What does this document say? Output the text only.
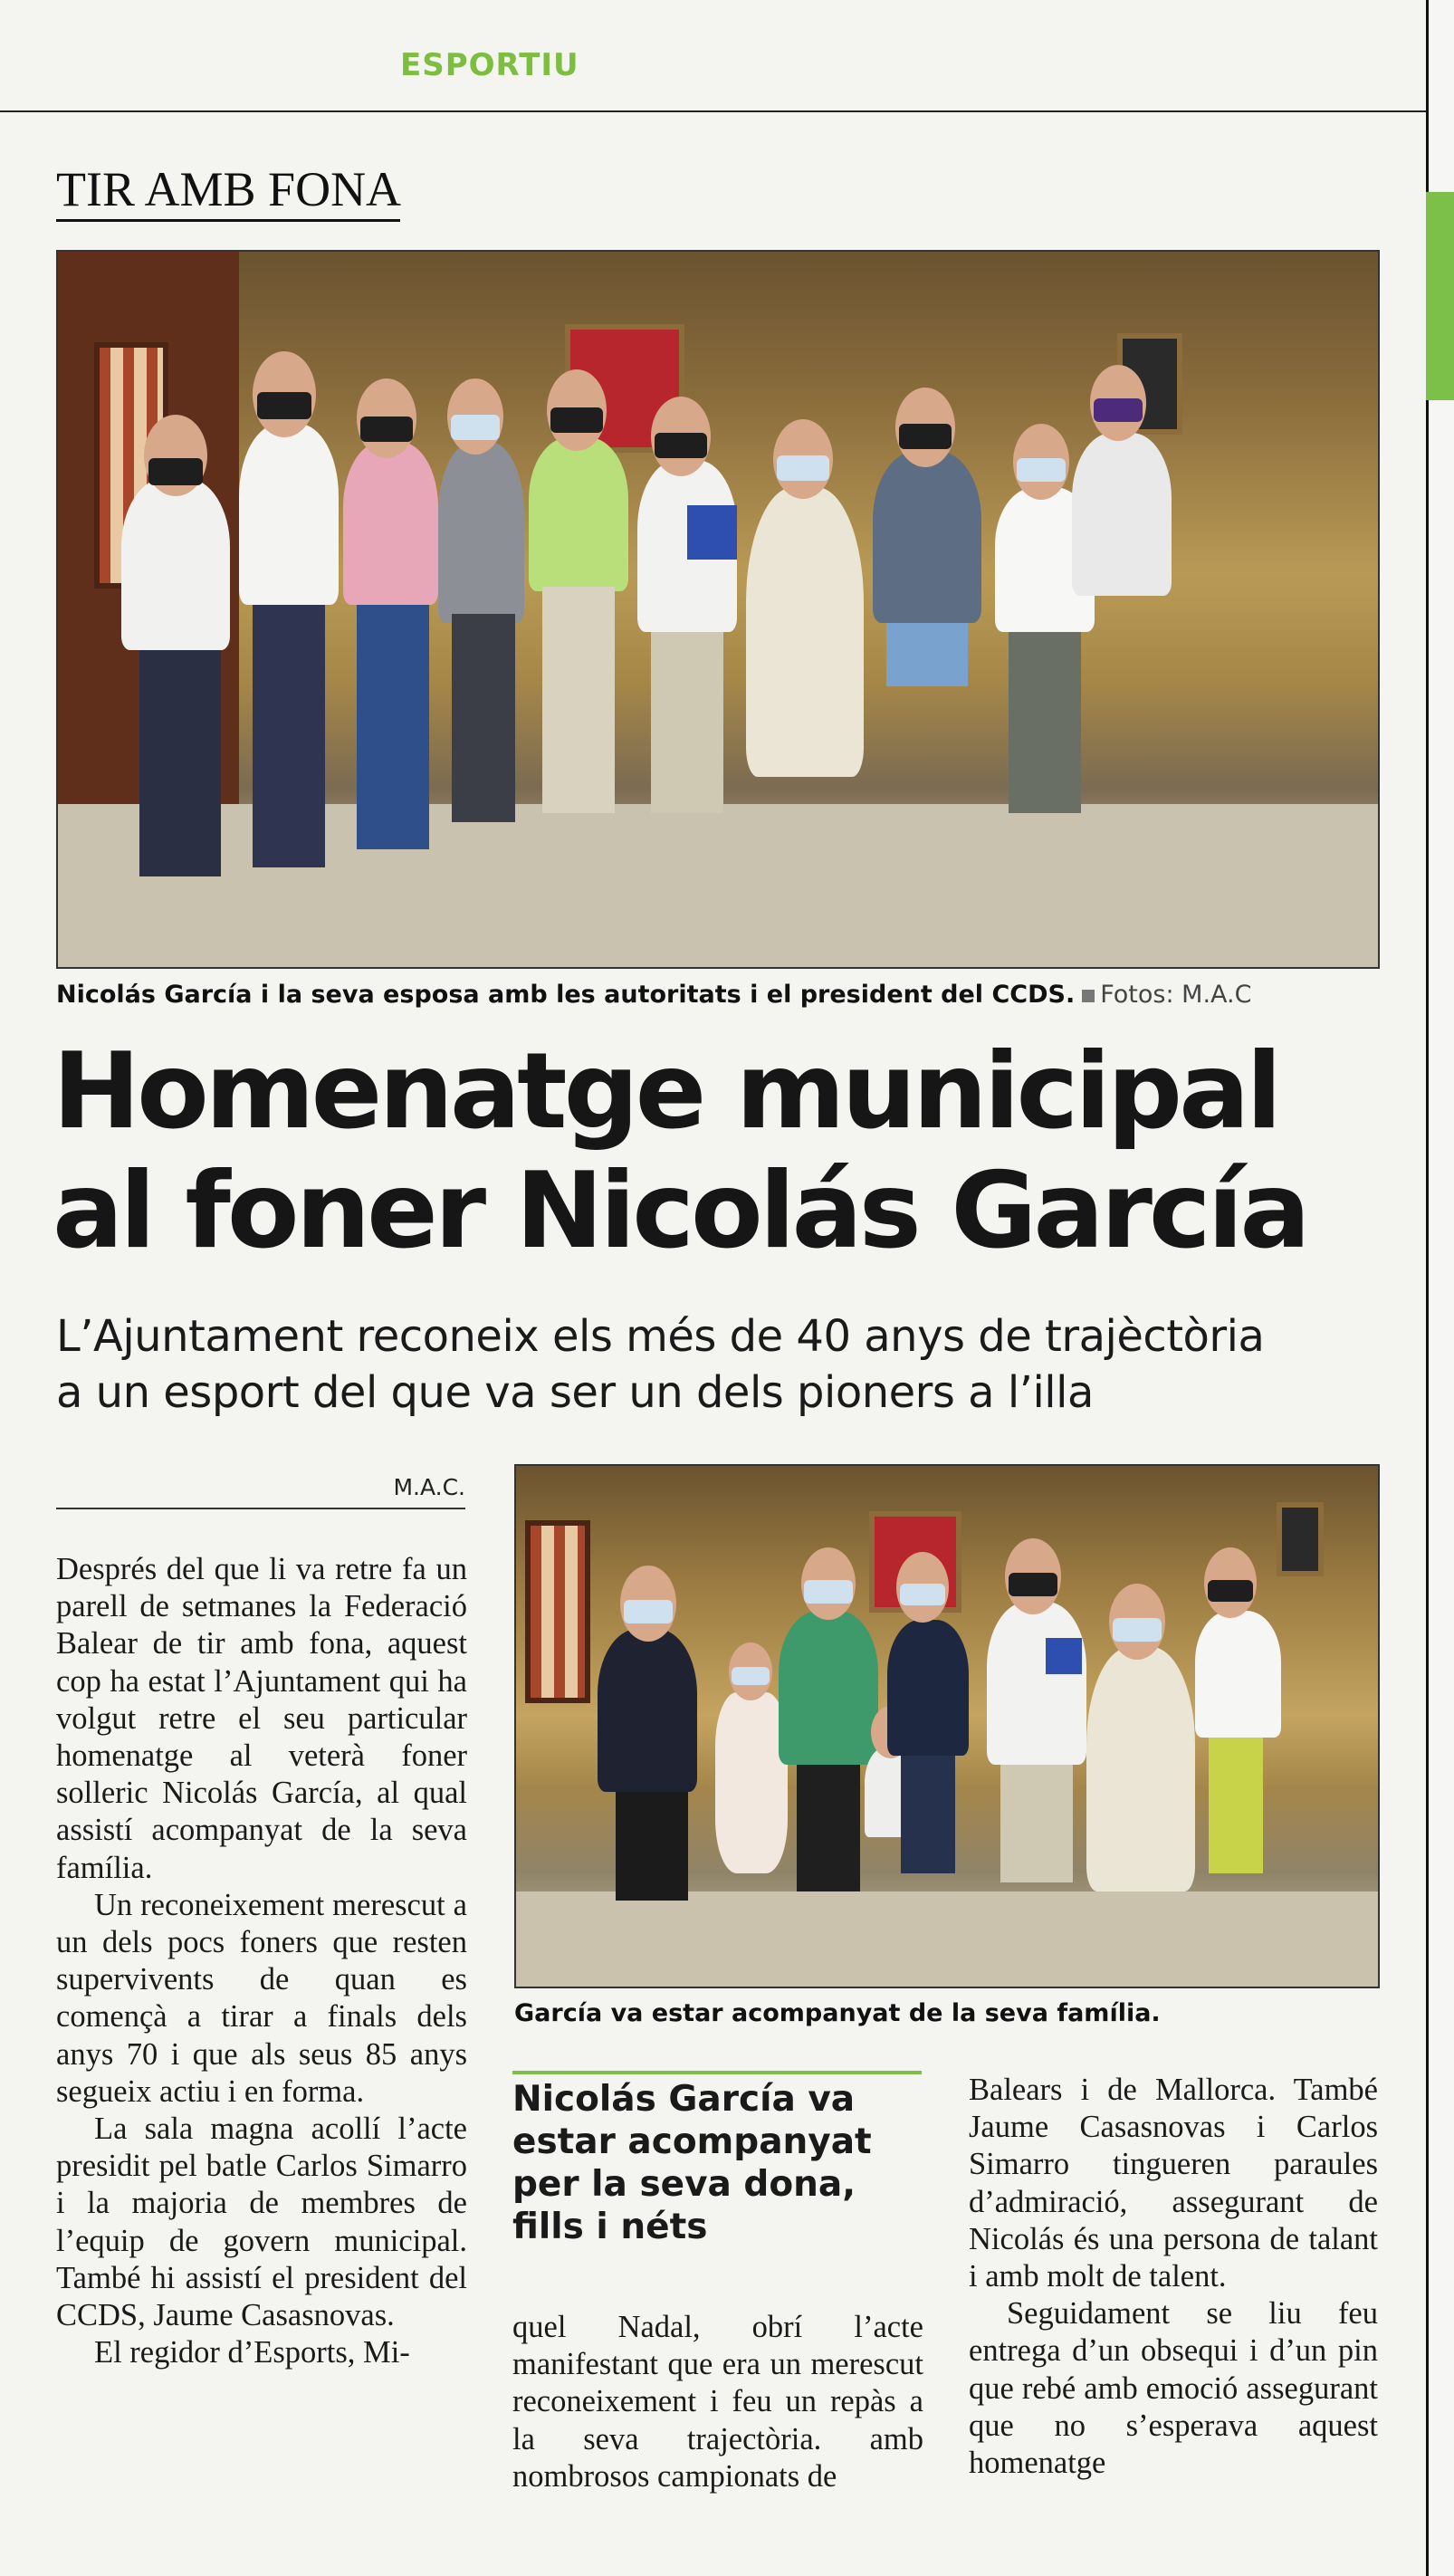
ESPORTIU
TIR AMB FONA
Nicolás García i la seva esposa amb les autoritats i el president del CCDS. Fotos: M.A.C
Homenatge municipal
al foner Nicolás García
L’Ajuntament reconeix els més de 40 anys de trajèctòria
a un esport del que va ser un dels pioners a l’illa
M.A.C.
García va estar acompanyat de la seva família.

Després del que li va retre fa un parell de setmanes la Federació Balear de tir amb fona, aquest cop ha estat l’Ajuntament qui ha volgut retre el seu particular homenatge al veterà foner solleric Nicolás García, al qual assistí acompanyat de la seva família.

Un reconeixement merescut a un dels pocs foners que resten supervivents de quan es començà a tirar a finals dels anys 70 i que als seus 85 anys segueix actiu i en forma.

La sala magna acollí l’acte presidit pel batle Carlos Simarro i la majoria de membres de l’equip de govern municipal. També hi assistí el president del CCDS, Jaume Casasnovas.

El regidor d’Esports, Mi-

Nicolás García va estar acompanyat per la seva dona, fills i néts

quel Nadal, obrí l’acte manifestant que era un merescut reconeixement i feu un repàs a la seva trajectòria. amb nombrosos campionats de

Balears i de Mallorca. També Jaume Casasnovas i Carlos Simarro tingueren paraules d’admiració, assegurant de Nicolás és una persona de talant i amb molt de talent.

Seguidament se liu feu entrega d’un obsequi i d’un pin que rebé amb emoció assegurant que no s’esperava aquest homenatge
